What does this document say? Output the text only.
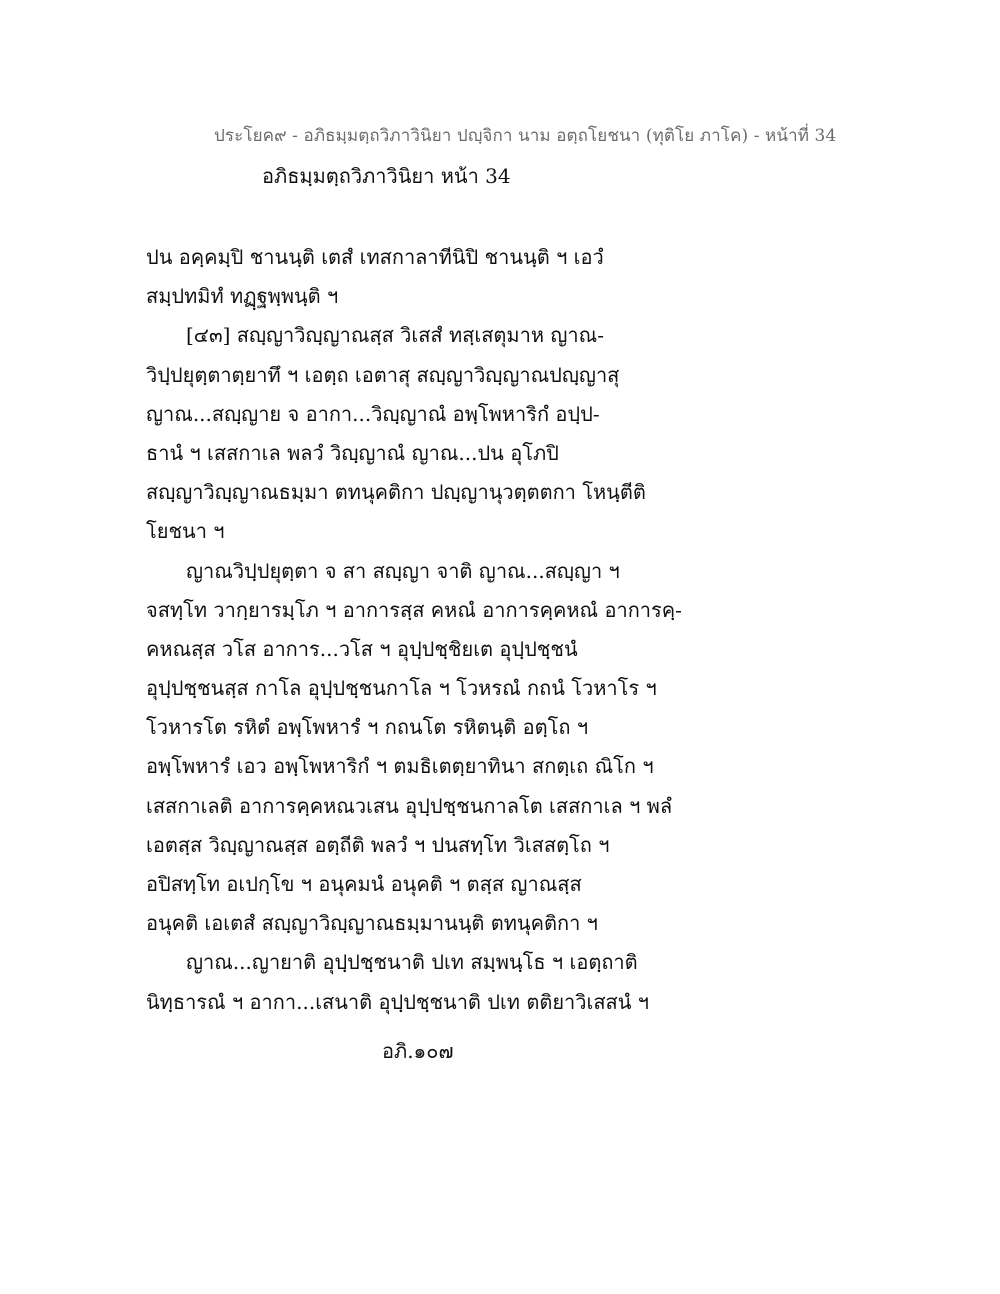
ประโยค๙ - อภิธมฺมตฺถวิภาวินิยา ปญฺจิกา นาม อตฺถโยชนา (ทุติโย ภาโค) - หน้าที่ 34
อภิธมฺมตฺถวิภาวินิยา หน้า 34
ปน อคฺคมฺปิ ชานนฺติ เตสํ เทสกาลาทีนิปิ ชานนฺติ ฯ เอวํ
สมฺปทมิทํ ทฏฺฐพฺพนฺติ ฯ
[๔๓] สญฺญาวิญฺญาณสฺส วิเสสํ ทสฺเสตุมาห ญาณ-
วิปฺปยุตฺตาตฺยาทึ ฯ เอตฺถ เอตาสุ สญฺญาวิญฺญาณปญฺญาสุ
ญาณ...สญฺญาย จ อากา...วิญฺญาณํ อพฺโพหาริกํ อปฺป-
ธานํ ฯ เสสกาเล พลวํ วิญฺญาณํ ญาณ...ปน อุโภปิ
สญฺญาวิญฺญาณธมฺมา ตทนุคติกา ปญฺญานุวตฺตตกา โหนฺตีติ
โยชนา ฯ
ญาณวิปฺปยุตฺตา จ สา สญฺญา จาติ ญาณ...สญฺญา ฯ
จสทฺโท วากฺยารมฺโภ ฯ อาการสฺส คหณํ อาการคฺคหณํ อาการคฺ-
คหณสฺส วโส อาการ...วโส ฯ อุปฺปชฺชิยเต อุปฺปชฺชนํ
อุปฺปชฺชนสฺส กาโล อุปฺปชฺชนกาโล ฯ โวหรณํ กถนํ โวหาโร ฯ
โวหารโต รหิตํ อพฺโพหารํ ฯ กถนโต รหิตนฺติ อตฺโถ ฯ
อพฺโพหารํ เอว อพฺโพหาริกํ ฯ ตมธิเตตฺยาทินา สกตฺเถ ณิโก ฯ
เสสกาเลติ อาการคฺคหณวเสน อุปฺปชฺชนกาลโต เสสกาเล ฯ พลํ
เอตสฺส วิญฺญาณสฺส อตฺถีติ พลวํ ฯ ปนสทฺโท วิเสสตฺโถ ฯ
อปิสทฺโท อเปกฺโข ฯ อนุคมนํ อนุคติ ฯ ตสฺส ญาณสฺส
อนุคติ เอเตสํ สญฺญาวิญฺญาณธมฺมานนฺติ ตทนุคติกา ฯ
ญาณ...ญายาติ อุปฺปชฺชนาติ ปเท สมฺพนฺโธ ฯ เอตฺถาติ
นิทฺธารณํ ฯ อากา...เสนาติ อุปฺปชฺชนาติ ปเท ตติยาวิเสสนํ ฯ
อภิ.๑๐๗
